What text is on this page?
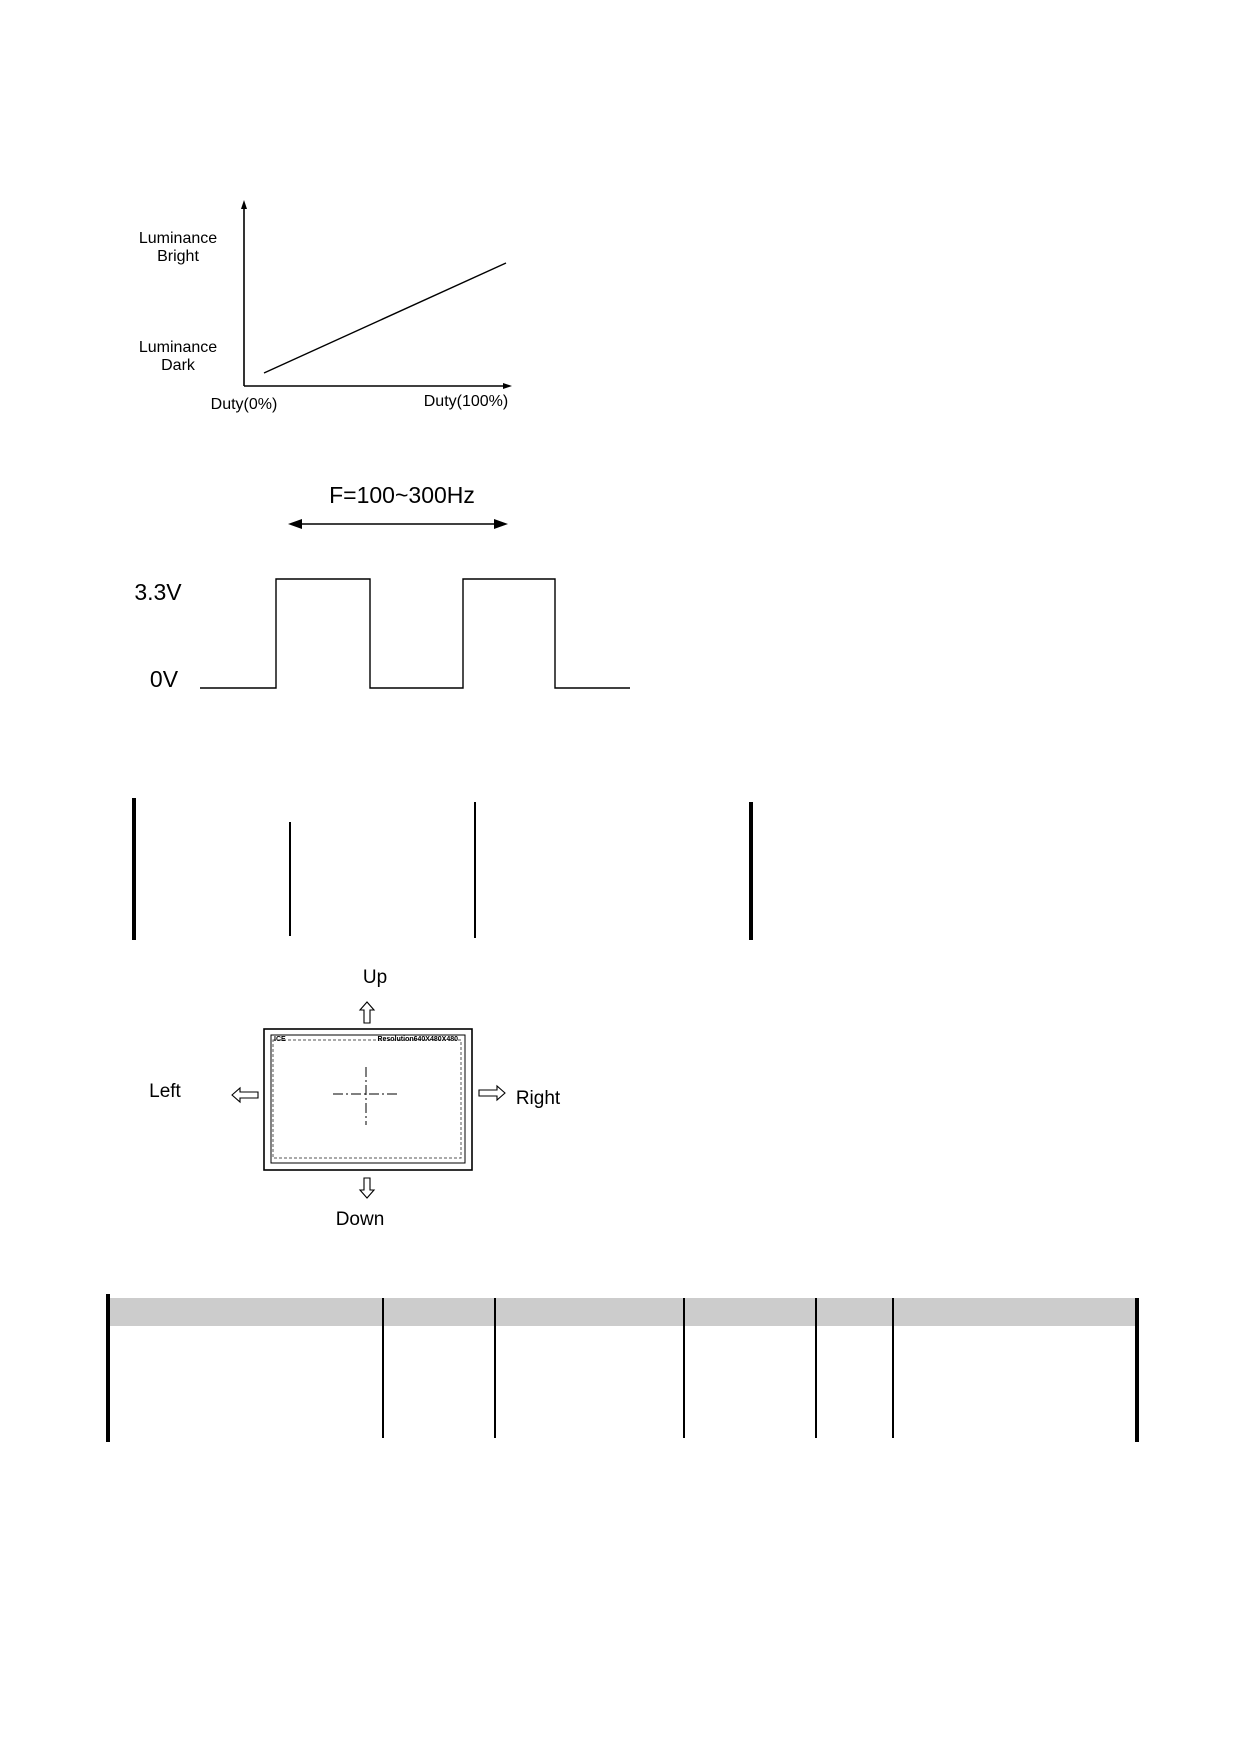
Luminance
Bright
Luminance
Dark
Duty(0%)	Duty(100%)
F=100~300Hz
3.3V
0V
Up
ICE	Resolution640X480X480
Left	Right
Down
